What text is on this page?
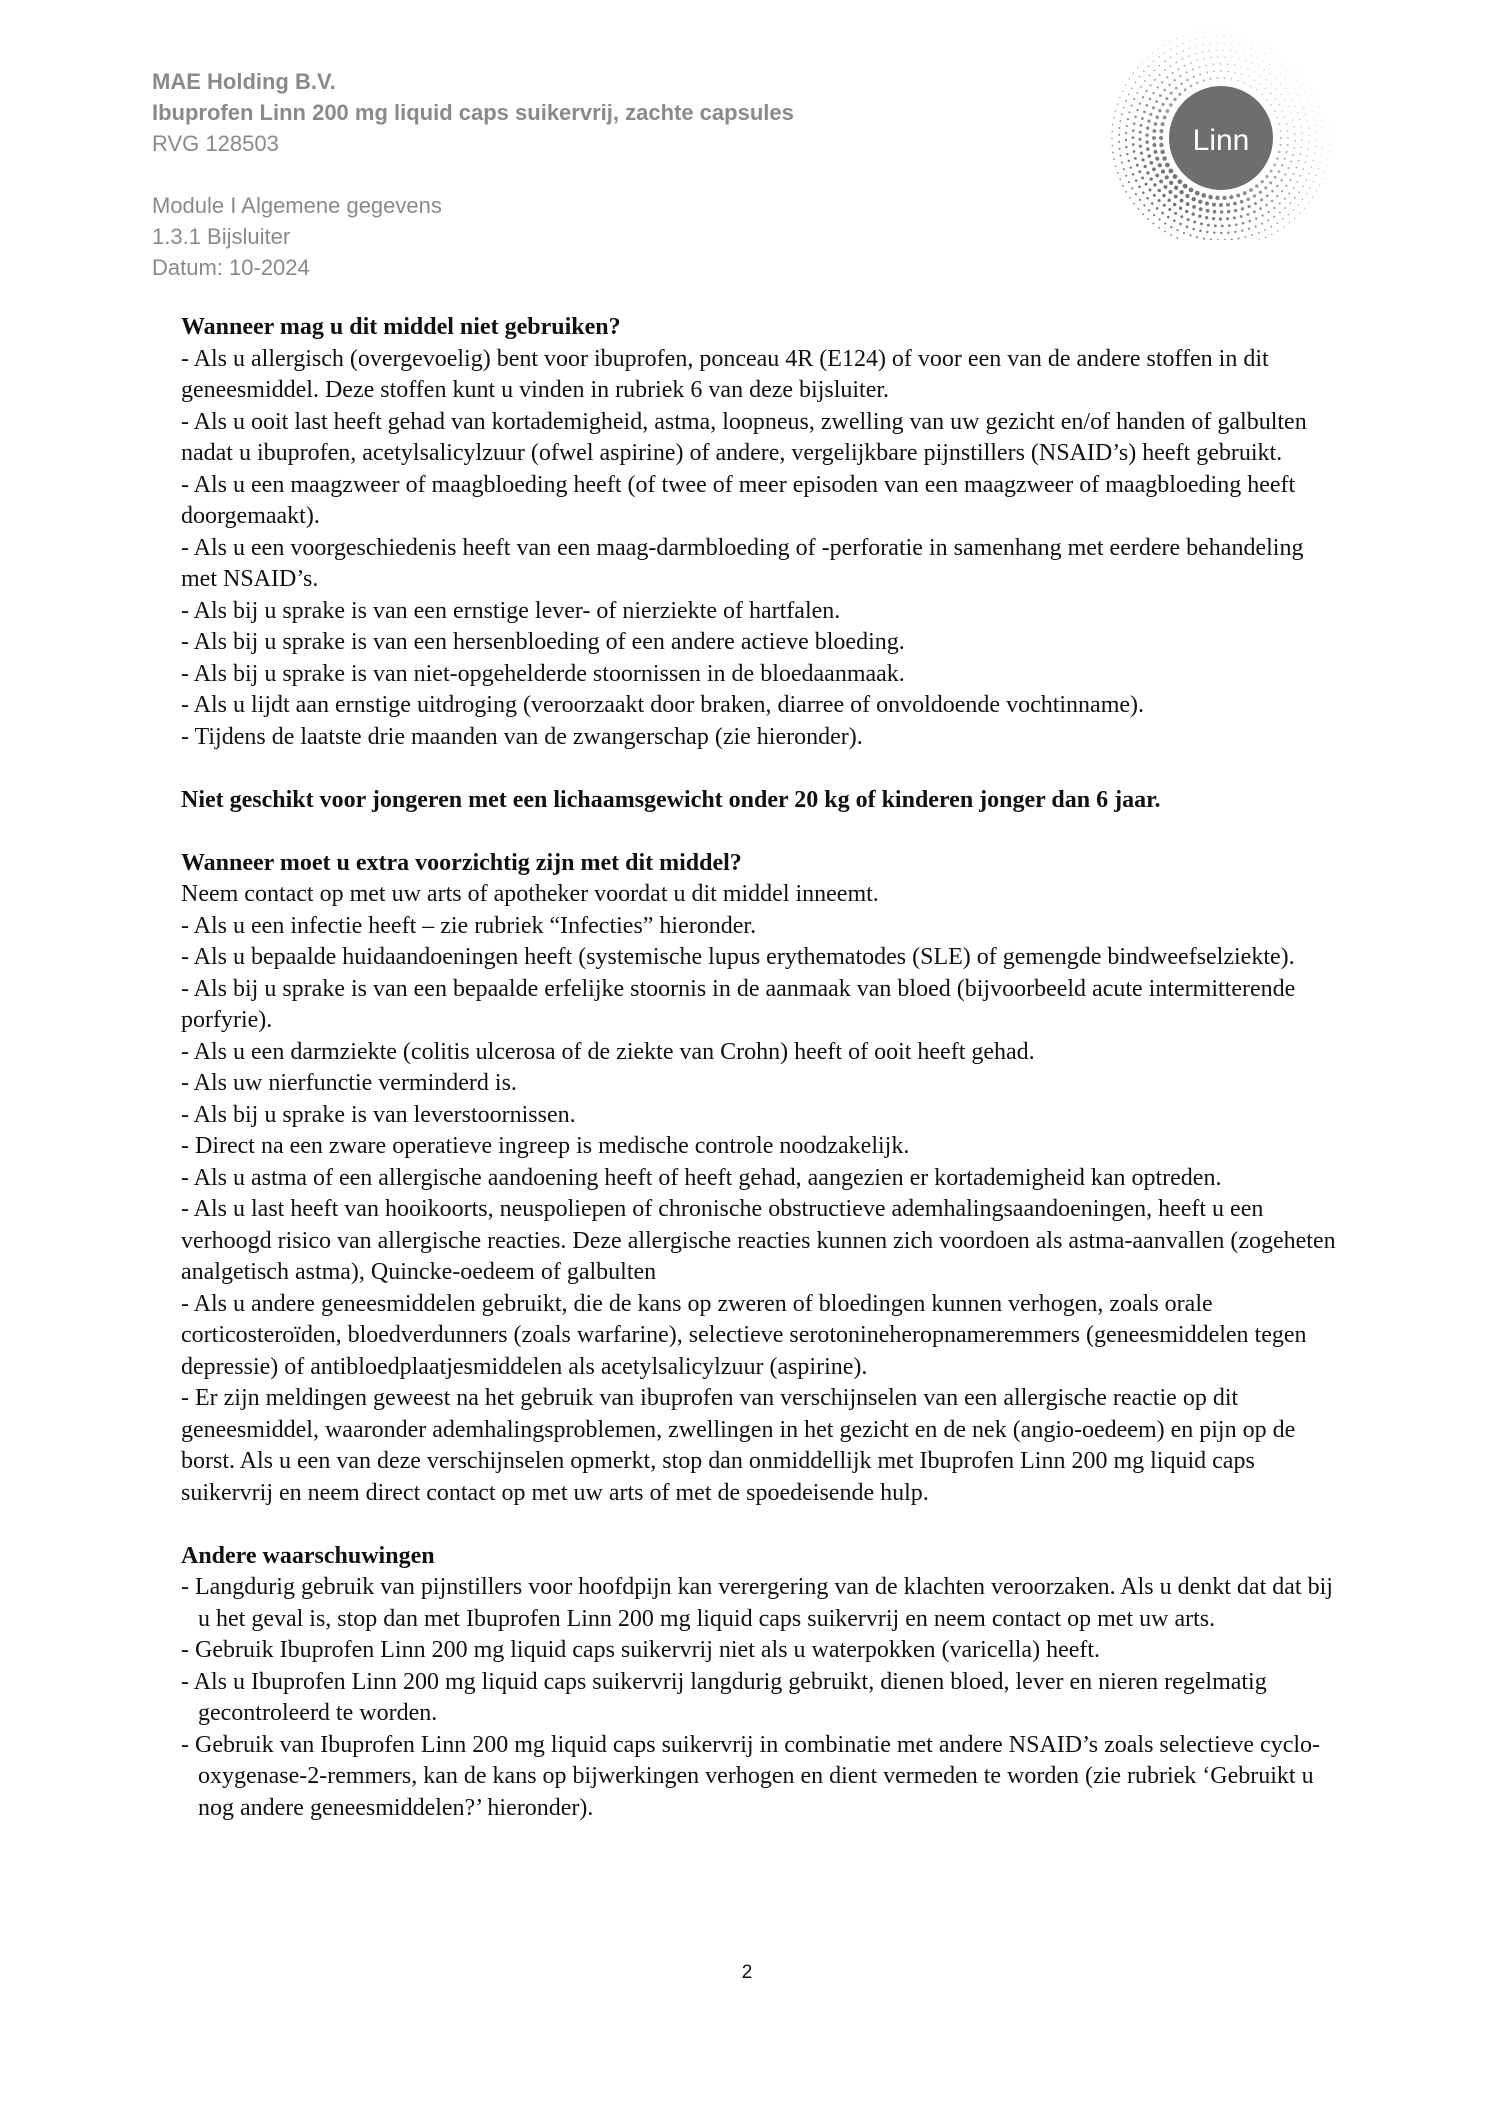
MAE Holding B.V.
Ibuprofen Linn 200 mg liquid caps suikervrij, zachte capsules
RVG 128503
Module I Algemene gegevens
1.3.1 Bijsluiter
Datum: 10-2024
Linn

Wanneer mag u dit middel niet gebruiken?

- Als u allergisch (overgevoelig) bent voor ibuprofen, ponceau 4R (E124) of voor een van de andere stoffen in dit geneesmiddel. Deze stoffen kunt u vinden in rubriek 6 van deze bijsluiter.

- Als u ooit last heeft gehad van kortademigheid, astma, loopneus, zwelling van uw gezicht en/of handen of galbulten nadat u ibuprofen, acetylsalicylzuur (ofwel aspirine) of andere, vergelijkbare pijnstillers (NSAID’s) heeft gebruikt.

- Als u een maagzweer of maagbloeding heeft (of twee of meer episoden van een maagzweer of maagbloeding heeft doorgemaakt).

- Als u een voorgeschiedenis heeft van een maag-darmbloeding of -perforatie in samenhang met eerdere behandeling met NSAID’s.

- Als bij u sprake is van een ernstige lever- of nierziekte of hartfalen.

- Als bij u sprake is van een hersenbloeding of een andere actieve bloeding.

- Als bij u sprake is van niet-opgehelderde stoornissen in de bloedaanmaak.

- Als u lijdt aan ernstige uitdroging (veroorzaakt door braken, diarree of onvoldoende vochtinname).

- Tijdens de laatste drie maanden van de zwangerschap (zie hieronder).

Niet geschikt voor jongeren met een lichaamsgewicht onder 20 kg of kinderen jonger dan 6 jaar.

Wanneer moet u extra voorzichtig zijn met dit middel?

Neem contact op met uw arts of apotheker voordat u dit middel inneemt.

- Als u een infectie heeft – zie rubriek “Infecties” hieronder.

- Als u bepaalde huidaandoeningen heeft (systemische lupus erythematodes (SLE) of gemengde bindweefselziekte).

- Als bij u sprake is van een bepaalde erfelijke stoornis in de aanmaak van bloed (bijvoorbeeld acute intermitterende porfyrie).

- Als u een darmziekte (colitis ulcerosa of de ziekte van Crohn) heeft of ooit heeft gehad.

- Als uw nierfunctie verminderd is.

- Als bij u sprake is van leverstoornissen.

- Direct na een zware operatieve ingreep is medische controle noodzakelijk.

- Als u astma of een allergische aandoening heeft of heeft gehad, aangezien er kortademigheid kan optreden.

- Als u last heeft van hooikoorts, neuspoliepen of chronische obstructieve ademhalingsaandoeningen, heeft u een verhoogd risico van allergische reacties. Deze allergische reacties kunnen zich voordoen als astma-aanvallen (zogeheten analgetisch astma), Quincke-oedeem of galbulten

- Als u andere geneesmiddelen gebruikt, die de kans op zweren of bloedingen kunnen verhogen, zoals orale corticosteroïden, bloedverdunners (zoals warfarine), selectieve serotonineheropnameremmers (geneesmiddelen tegen depressie) of antibloedplaatjesmiddelen als acetylsalicylzuur (aspirine).

- Er zijn meldingen geweest na het gebruik van ibuprofen van verschijnselen van een allergische reactie op dit geneesmiddel, waaronder ademhalingsproblemen, zwellingen in het gezicht en de nek (angio-oedeem) en pijn op de borst. Als u een van deze verschijnselen opmerkt, stop dan onmiddellijk met Ibuprofen Linn 200 mg liquid caps suikervrij en neem direct contact op met uw arts of met de spoedeisende hulp.

Andere waarschuwingen

- Langdurig gebruik van pijnstillers voor hoofdpijn kan verergering van de klachten veroorzaken. Als u denkt dat dat bij u het geval is, stop dan met Ibuprofen Linn 200 mg liquid caps suikervrij en neem contact op met uw arts.

- Gebruik Ibuprofen Linn 200 mg liquid caps suikervrij niet als u waterpokken (varicella) heeft.

- Als u Ibuprofen Linn 200 mg liquid caps suikervrij langdurig gebruikt, dienen bloed, lever en nieren regelmatig gecontroleerd te worden.

- Gebruik van Ibuprofen Linn 200 mg liquid caps suikervrij in combinatie met andere NSAID’s zoals selectieve cyclo-oxygenase-2-remmers, kan de kans op bijwerkingen verhogen en dient vermeden te worden (zie rubriek ‘Gebruikt u nog andere geneesmiddelen?’ hieronder).

2
